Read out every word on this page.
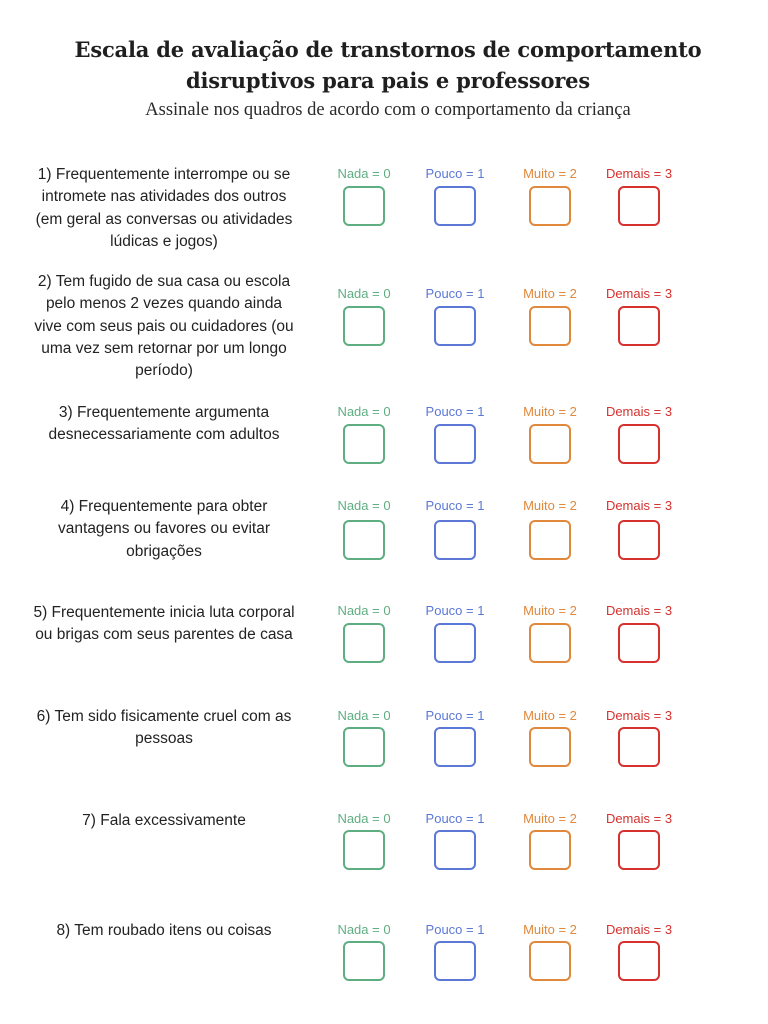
Escala de avaliação de transtornos de comportamento
disruptivos para pais e professores
Assinale nos quadros de acordo com o comportamento da criança
1) Frequentemente interrompe ou se
intromete nas atividades dos outros
(em geral as conversas ou atividades
lúdicas e jogos)
Nada = 0	Pouco = 1	Muito = 2	Demais = 3
2) Tem fugido de sua casa ou escola
pelo menos 2 vezes quando ainda
vive com seus pais ou cuidadores (ou
uma vez sem retornar por um longo
período)
Nada = 0	Pouco = 1	Muito = 2	Demais = 3
3) Frequentemente argumenta
desnecessariamente com adultos
Nada = 0	Pouco = 1	Muito = 2	Demais = 3
4) Frequentemente para obter
vantagens ou favores ou evitar
obrigações
Nada = 0	Pouco = 1	Muito = 2	Demais = 3
5) Frequentemente inicia luta corporal
ou brigas com seus parentes de casa
Nada = 0	Pouco = 1	Muito = 2	Demais = 3
6) Tem sido fisicamente cruel com as
pessoas
Nada = 0	Pouco = 1	Muito = 2	Demais = 3
7) Fala excessivamente	Nada = 0	Pouco = 1	Muito = 2	Demais = 3
8) Tem roubado itens ou coisas	Nada = 0	Pouco = 1	Muito = 2	Demais = 3
